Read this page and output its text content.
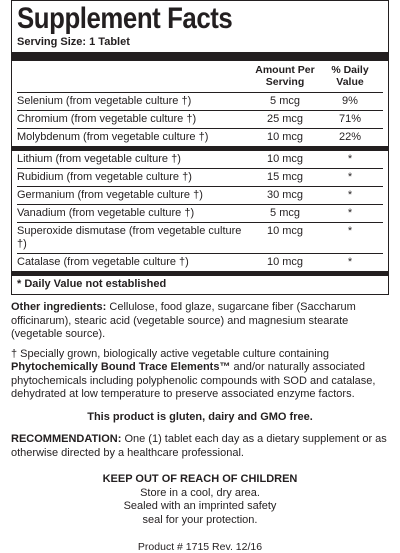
Supplement Facts
Serving Size: 1 Tablet
Amount Per Serving
% Daily Value
Selenium (from vegetable culture †)	5 mcg	9%
Chromium (from vegetable culture †)	25 mcg	71%
Molybdenum (from vegetable culture †)	10 mcg	22%
Lithium (from vegetable culture †)	10 mcg	*
Rubidium (from vegetable culture †)	15 mcg	*
Germanium (from vegetable culture †)	30 mcg	*
Vanadium (from vegetable culture †)	5 mcg	*
Superoxide dismutase (from vegetable culture †)
10 mcg	*
Catalase (from vegetable culture †)	10 mcg	*
* Daily Value not established
Other ingredients: Cellulose, food glaze, sugarcane fiber (Saccharum officinarum), stearic acid (vegetable source) and magnesium stearate (vegetable source).
† Specially grown, biologically active vegetable culture containing Phytochemically Bound Trace Elements™ and/or naturally associated phytochemicals including polyphenolic compounds with SOD and catalase, dehydrated at low temperature to preserve associated enzyme factors.
This product is gluten, dairy and GMO free.
RECOMMENDATION: One (1) tablet each day as a dietary supplement or as otherwise directed by a healthcare professional.
KEEP OUT OF REACH OF CHILDREN
Store in a cool, dry area.
Sealed with an imprinted safety
seal for your protection.
Product # 1715 Rev. 12/16
